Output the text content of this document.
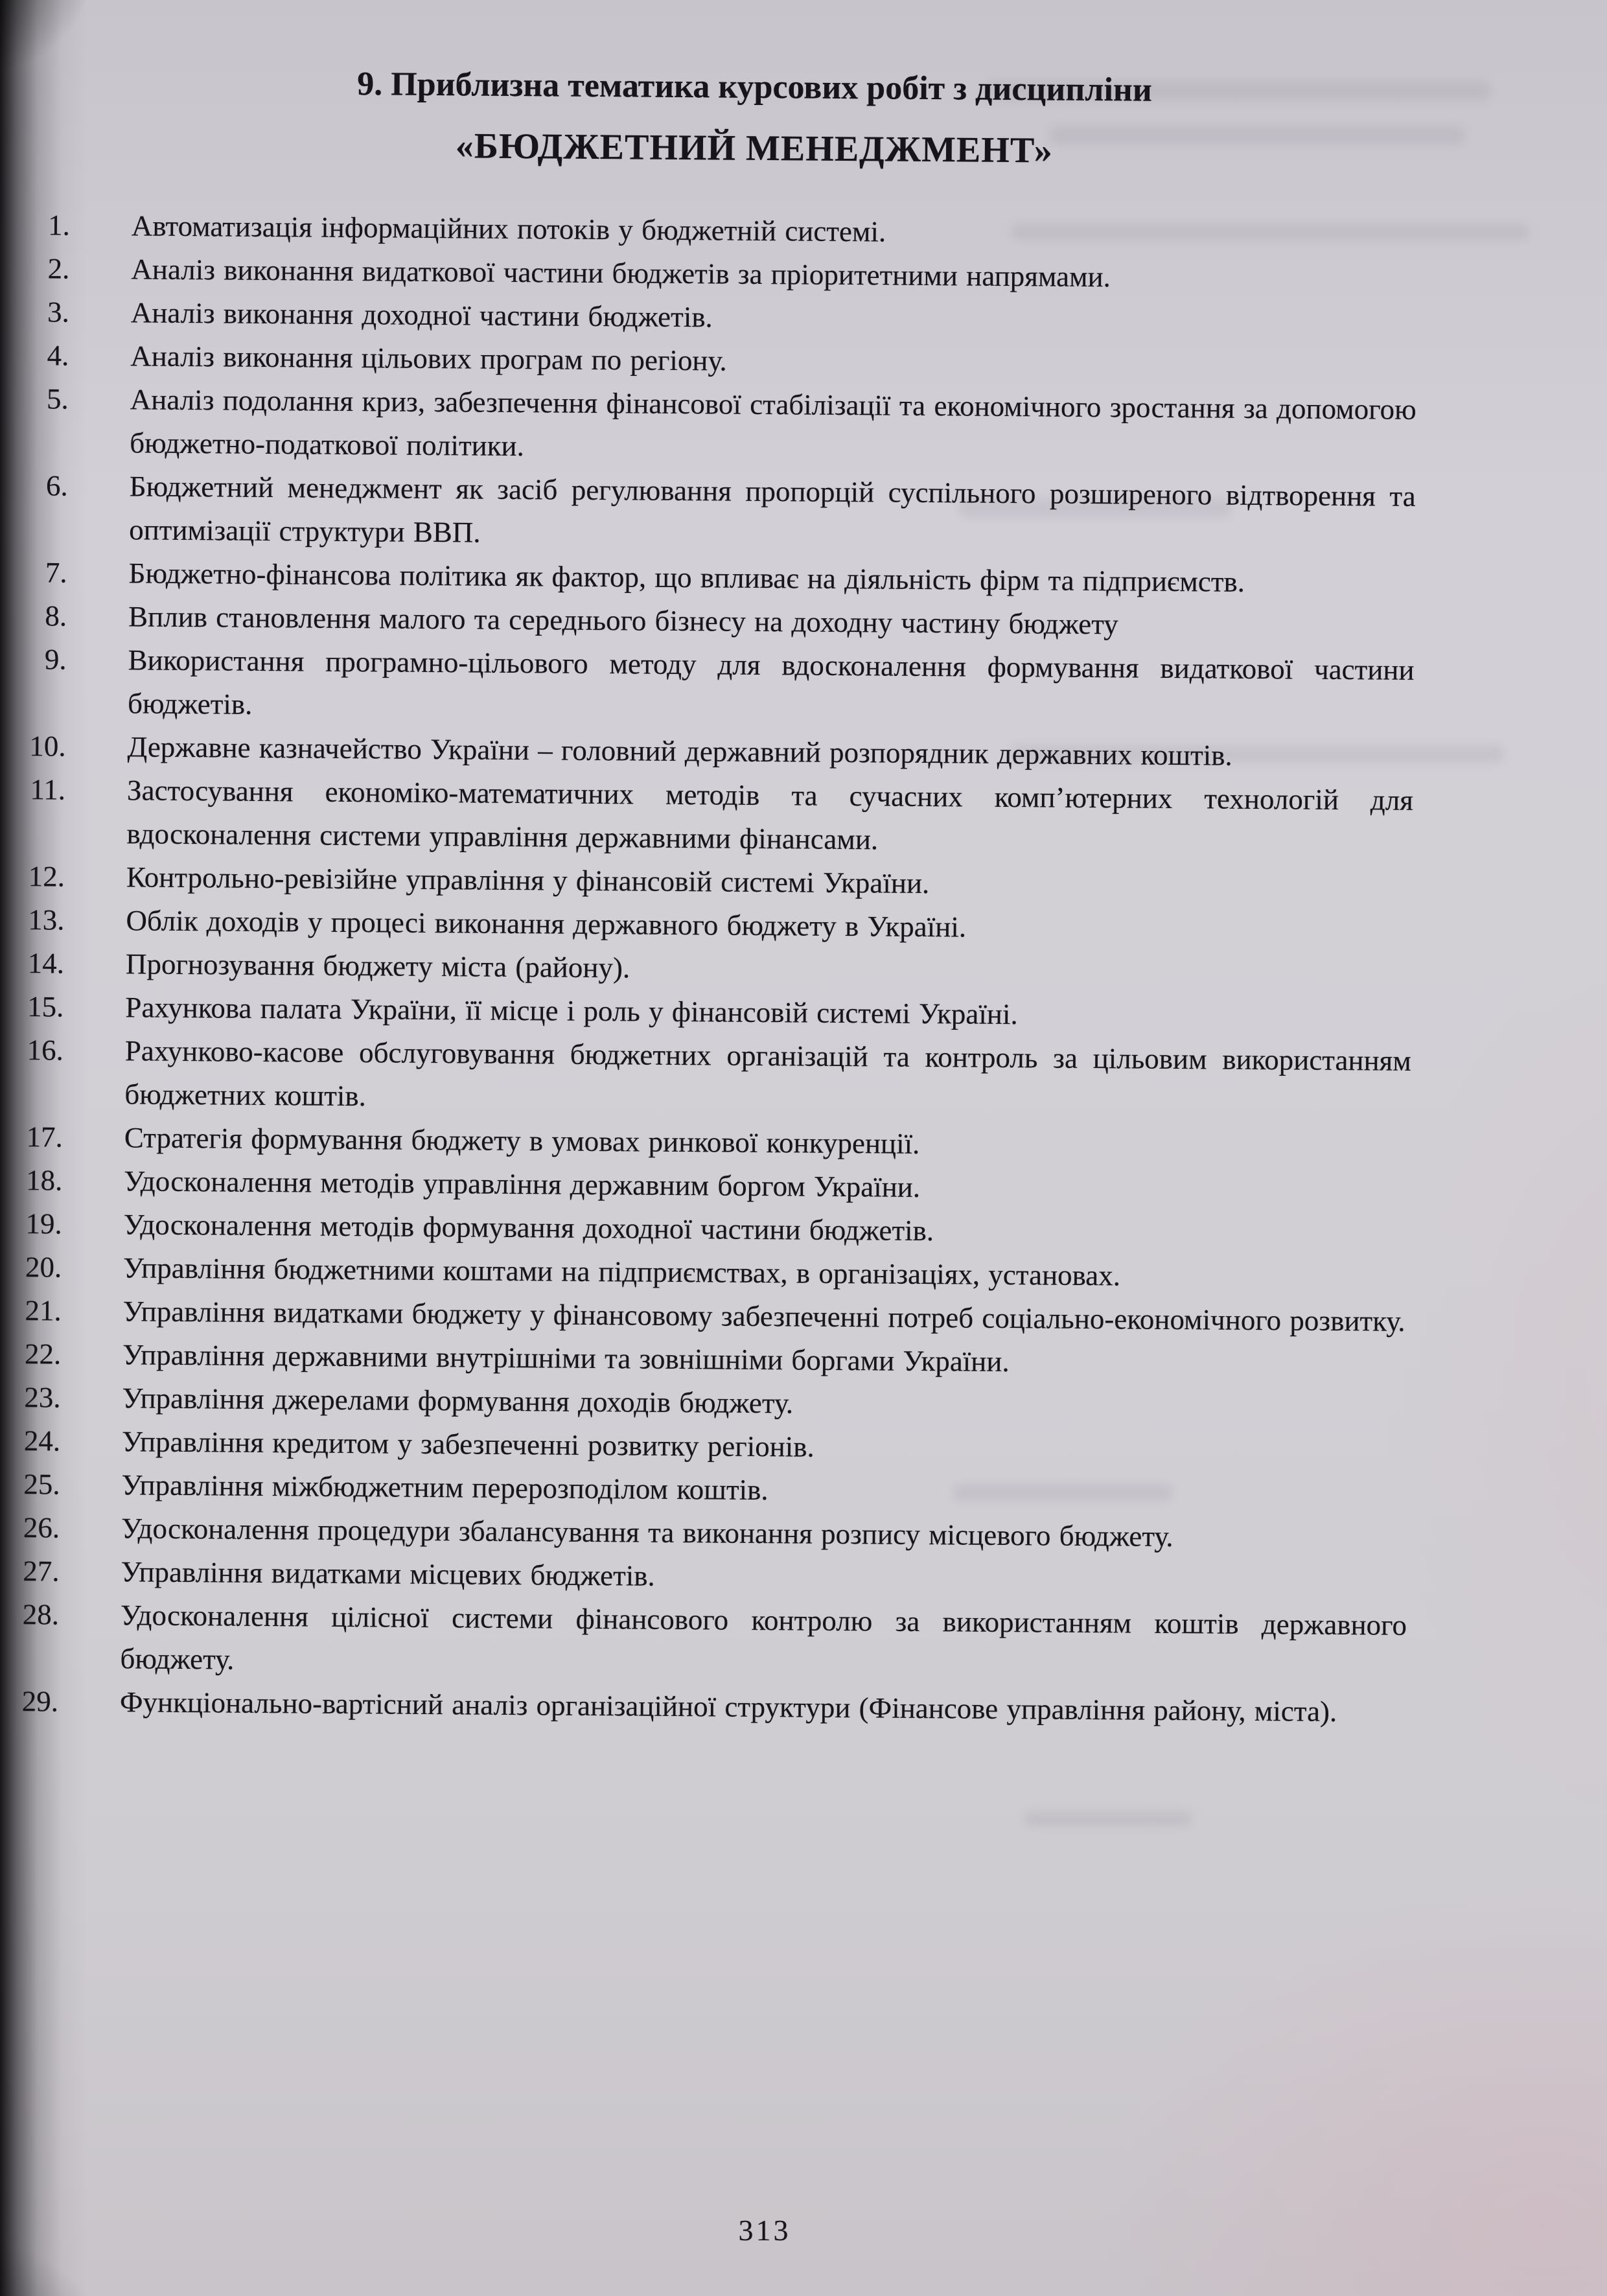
9. Приблизна тематика курсових робіт з дисципліни
«БЮДЖЕТНИЙ МЕНЕДЖМЕНТ»
1. Автоматизація інформаційних потоків у бюджетній системі.
2. Аналіз виконання видаткової частини бюджетів за пріоритетними напрямами.
3. Аналіз виконання доходної частини бюджетів.
4. Аналіз виконання цільових програм по регіону.
5. Аналіз подолання криз, забезпечення фінансової стабілізації та економічного зростання за допомогою бюджетно-податкової політики.
6. Бюджетний менеджмент як засіб регулювання пропорцій суспільного розширеного відтворення та оптимізації структури ВВП.
7. Бюджетно-фінансова політика як фактор, що впливає на діяльність фірм та підприємств.
8. Вплив становлення малого та середнього бізнесу на доходну частину бюджету
9. Використання програмно-цільового методу для вдосконалення формування видаткової частини бюджетів.
10. Державне казначейство України – головний державний розпорядник державних коштів.
11. Застосування економіко-математичних методів та сучасних комп’ютерних технологій для вдосконалення системи управління державними фінансами.
12. Контрольно-ревізійне управління у фінансовій системі України.
13. Облік доходів у процесі виконання державного бюджету в Україні.
14. Прогнозування бюджету міста (району).
15. Рахункова палата України, її місце і роль у фінансовій системі Україні.
16. Рахунково-касове обслуговування бюджетних організацій та контроль за цільовим використанням бюджетних коштів.
17. Стратегія формування бюджету в умовах ринкової конкуренції.
18. Удосконалення методів управління державним боргом України.
19. Удосконалення методів формування доходної частини бюджетів.
20. Управління бюджетними коштами на підприємствах, в організаціях, установах.
21. Управління видатками бюджету у фінансовому забезпеченні потреб соціально-економічного розвитку.
22. Управління державними внутрішніми та зовнішніми боргами України.
23. Управління джерелами формування доходів бюджету.
24. Управління кредитом у забезпеченні розвитку регіонів.
25. Управління міжбюджетним перерозподілом коштів.
26. Удосконалення процедури збалансування та виконання розпису місцевого бюджету.
27. Управління видатками місцевих бюджетів.
28. Удосконалення цілісної системи фінансового контролю за використанням коштів державного бюджету.
29. Функціонально-вартісний аналіз організаційної структури (Фінансове управління району, міста).
313
